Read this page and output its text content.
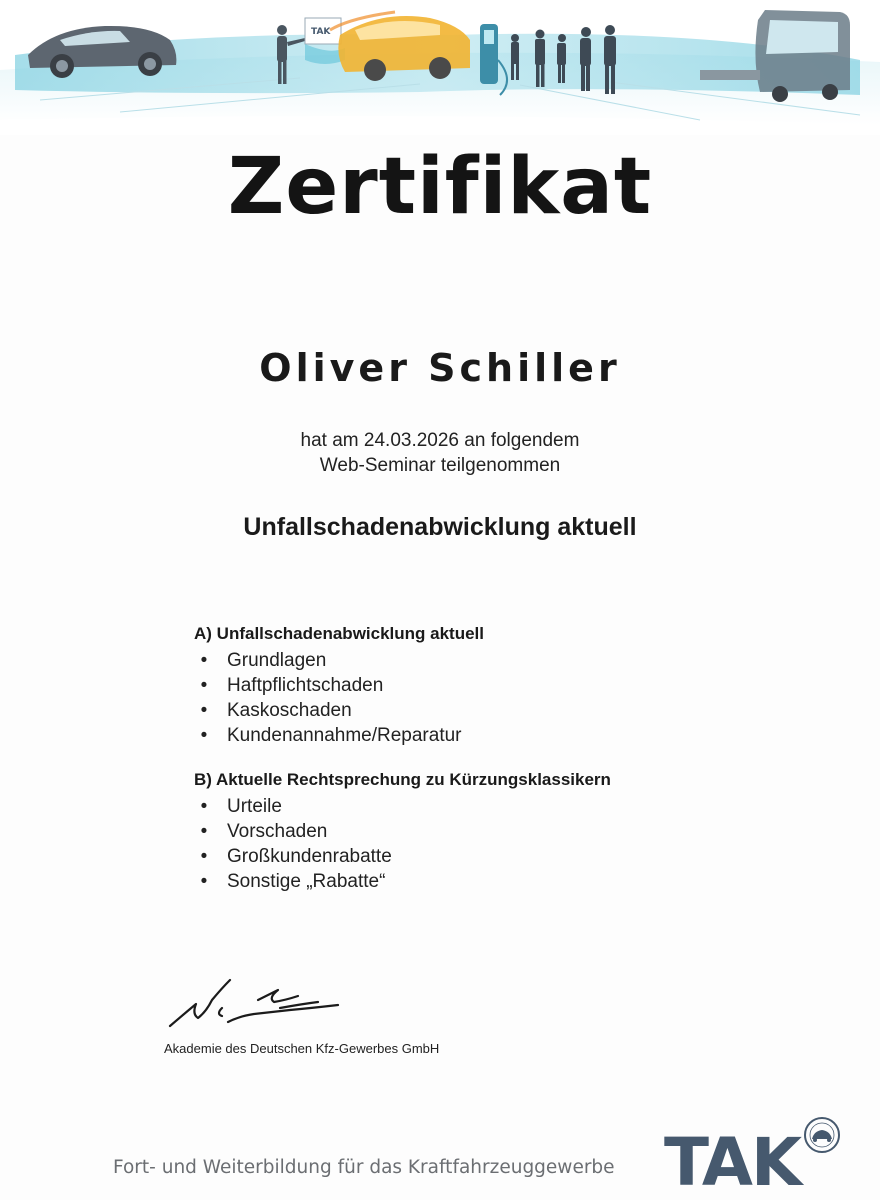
TAK
Zertifikat
Oliver Schiller
hat am 24.03.2026 an folgendem
Web-Seminar teilgenommen
Unfallschadenabwicklung aktuell
A) Unfallschadenabwicklung aktuell
• Grundlagen
• Haftpflichtschaden
• Kaskoschaden
• Kundenannahme/Reparatur
B) Aktuelle Rechtsprechung zu Kürzungsklassikern
• Urteile
• Vorschaden
• Großkundenrabatte
• Sonstige „Rabatte“
Akademie des Deutschen Kfz-Gewerbes GmbH
Fort- und Weiterbildung für das Kraftfahrzeuggewerbe TAK
